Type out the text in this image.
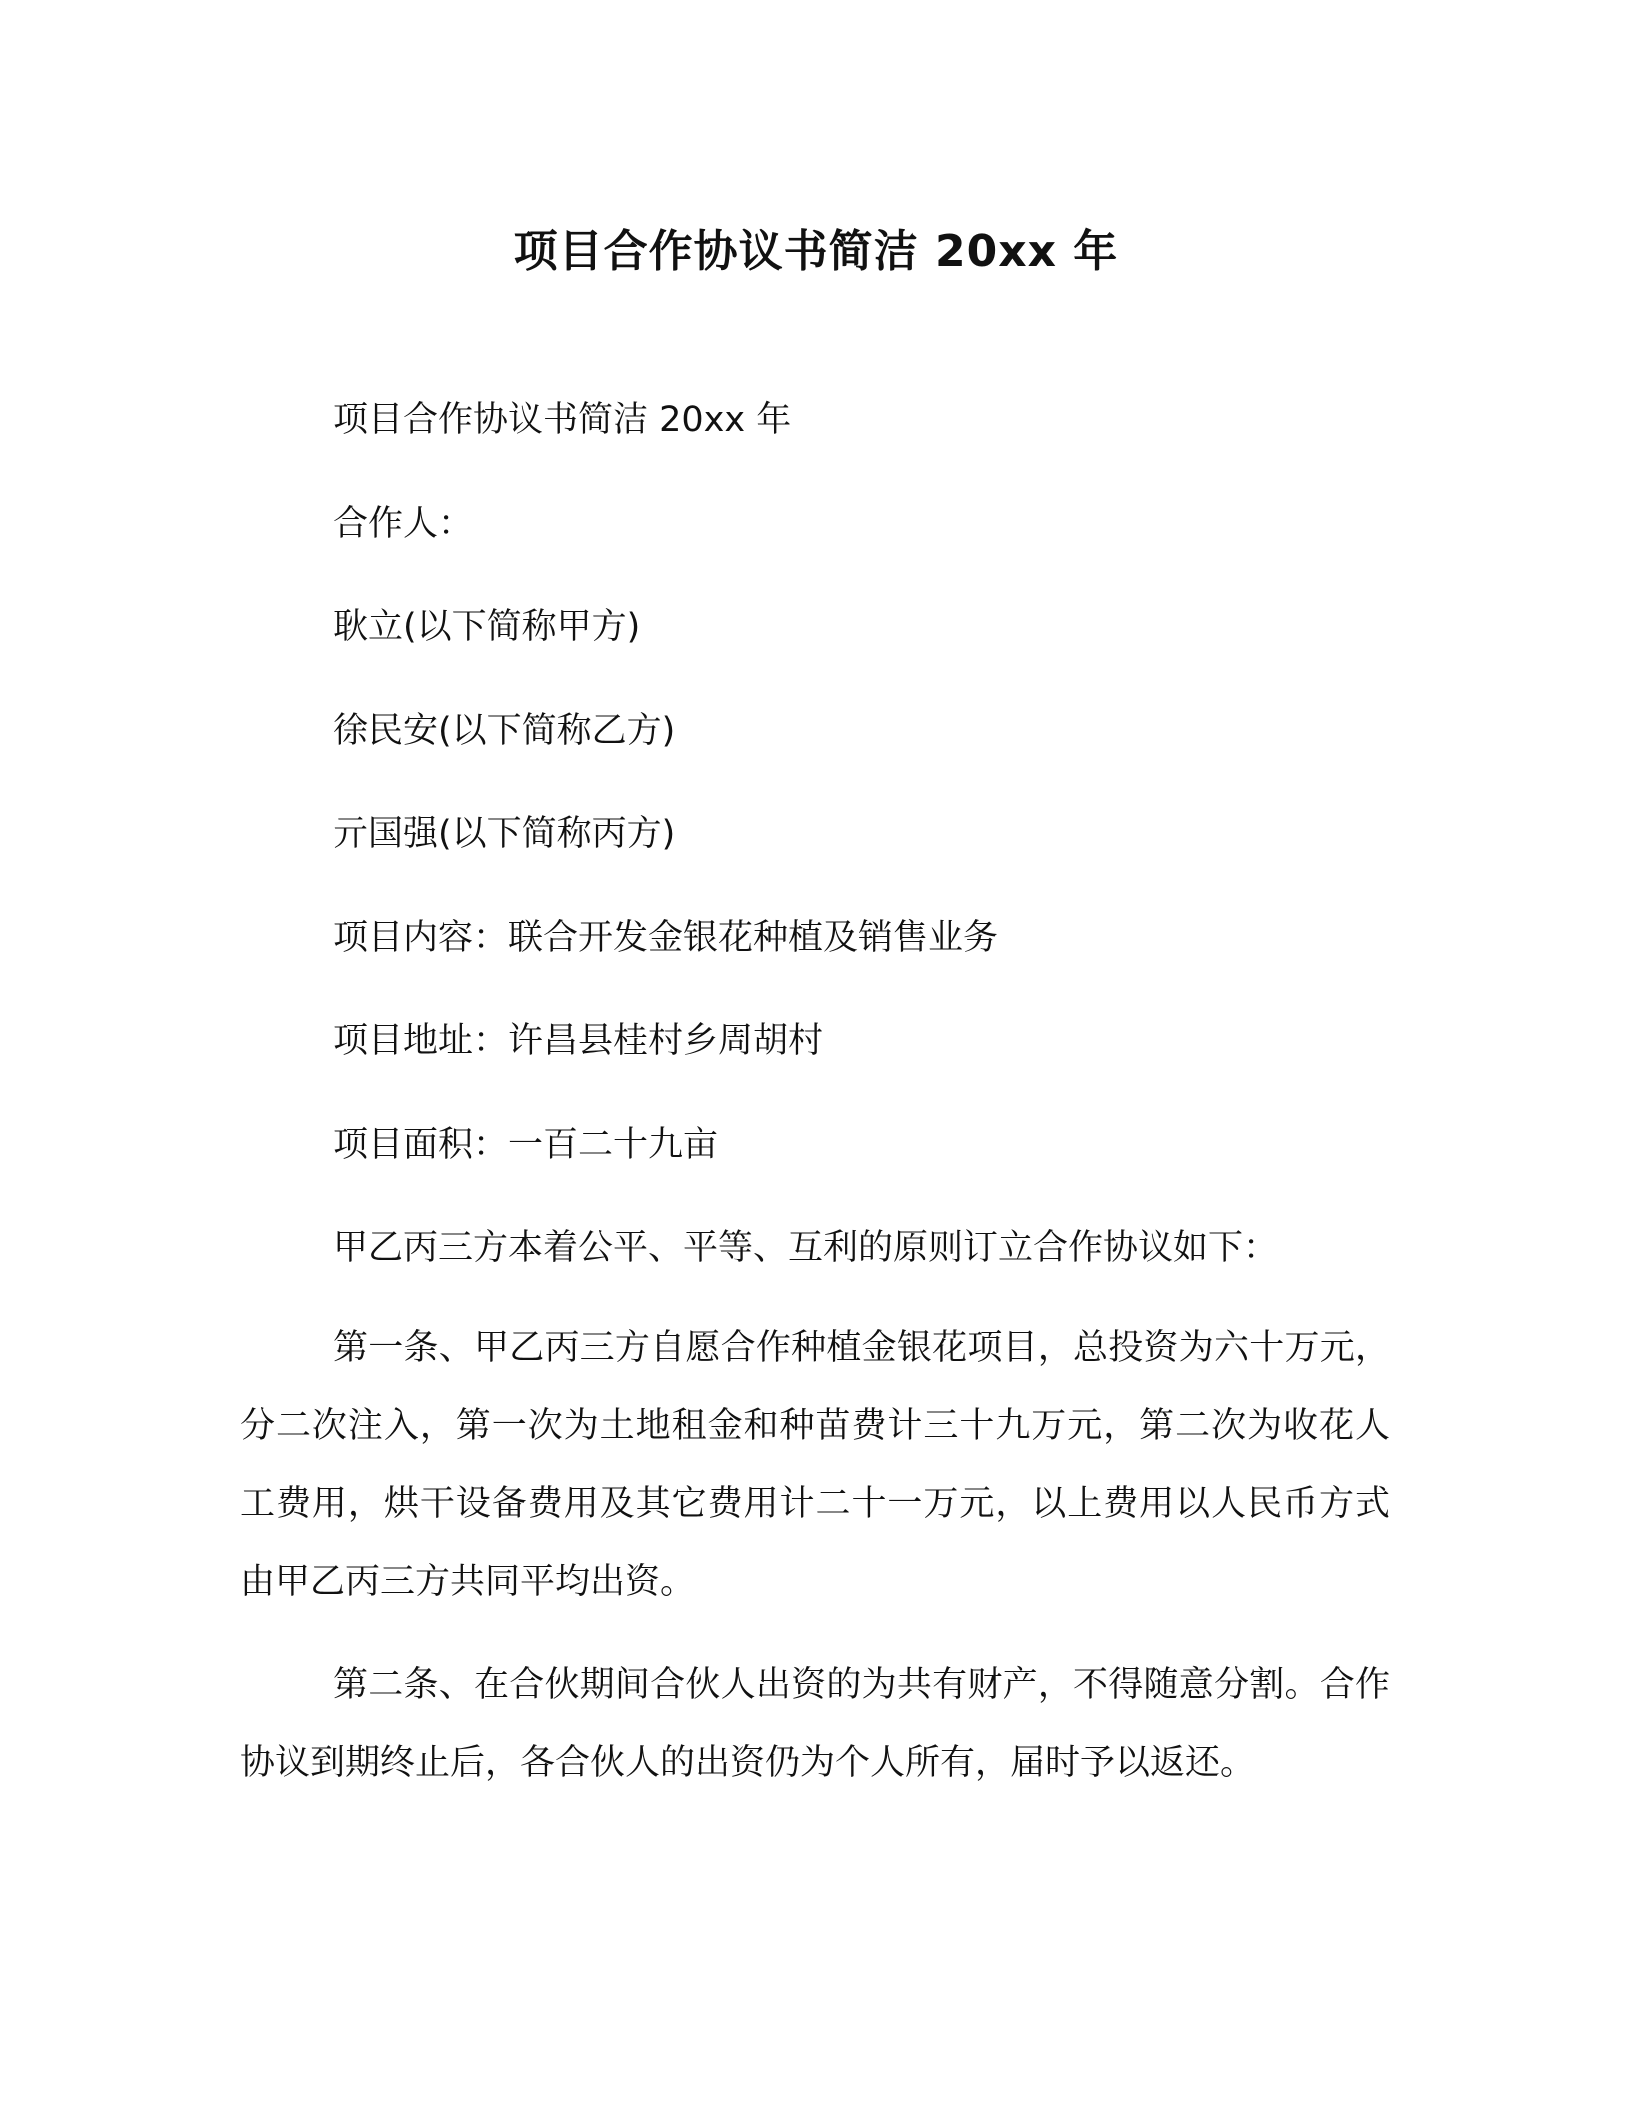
项目合作协议书简洁 20xx 年
项目合作协议书简洁 20xx 年
合作人：
耿立(以下简称甲方)
徐民安(以下简称乙方)
亓国强(以下简称丙方)
项目内容：联合开发金银花种植及销售业务
项目地址：许昌县桂村乡周胡村
项目面积：一百二十九亩
甲乙丙三方本着公平、平等、互利的原则订立合作协议如下：
第一条、甲乙丙三方自愿合作种植金银花项目，总投资为六十万元，分二次注入，第一次为土地租金和种苗费计三十九万元，第二次为收花人工费用，烘干设备费用及其它费用计二十一万元，以上费用以人民币方式由甲乙丙三方共同平均出资。
第二条、在合伙期间合伙人出资的为共有财产，不得随意分割。合作协议到期终止后，各合伙人的出资仍为个人所有，届时予以返还。
